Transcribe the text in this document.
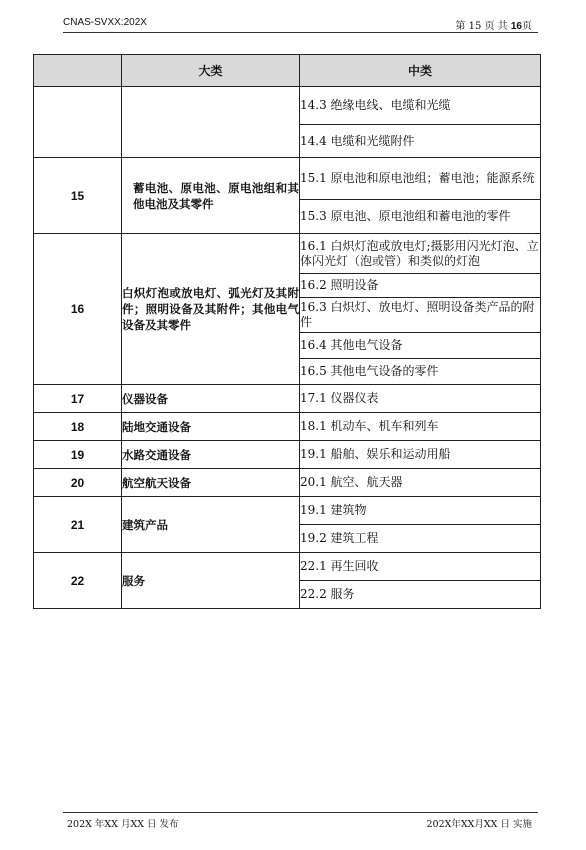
CNAS-SVXX:202X	第 15 页 共 16页
	大类	中类
		14.3 绝缘电线、电缆和光缆
		14.4 电缆和光缆附件
15	蓄电池、原电池、原电池组和其他电池及其零件	15.1 原电池和原电池组；蓄电池；能源系统
		15.3 原电池、原电池组和蓄电池的零件
16	白炽灯泡或放电灯、弧光灯及其附件；照明设备及其附件；其他电气设备及其零件	16.1 白炽灯泡或放电灯;摄影用闪光灯泡、立体闪光灯（泡或管）和类似的灯泡
		16.2 照明设备
		16.3 白炽灯、放电灯、照明设备类产品的附件
		16.4 其他电气设备
		16.5 其他电气设备的零件
17	仪器设备	17.1 仪器仪表
18	陆地交通设备	18.1 机动车、机车和列车
19	水路交通设备	19.1 船舶、娱乐和运动用船
20	航空航天设备	20.1 航空、航天器
21	建筑产品	19.1 建筑物
		19.2 建筑工程
22	服务	22.1 再生回收
		22.2 服务
202X 年XX 月XX 日 发布	202X年XX月XX 日 实施
